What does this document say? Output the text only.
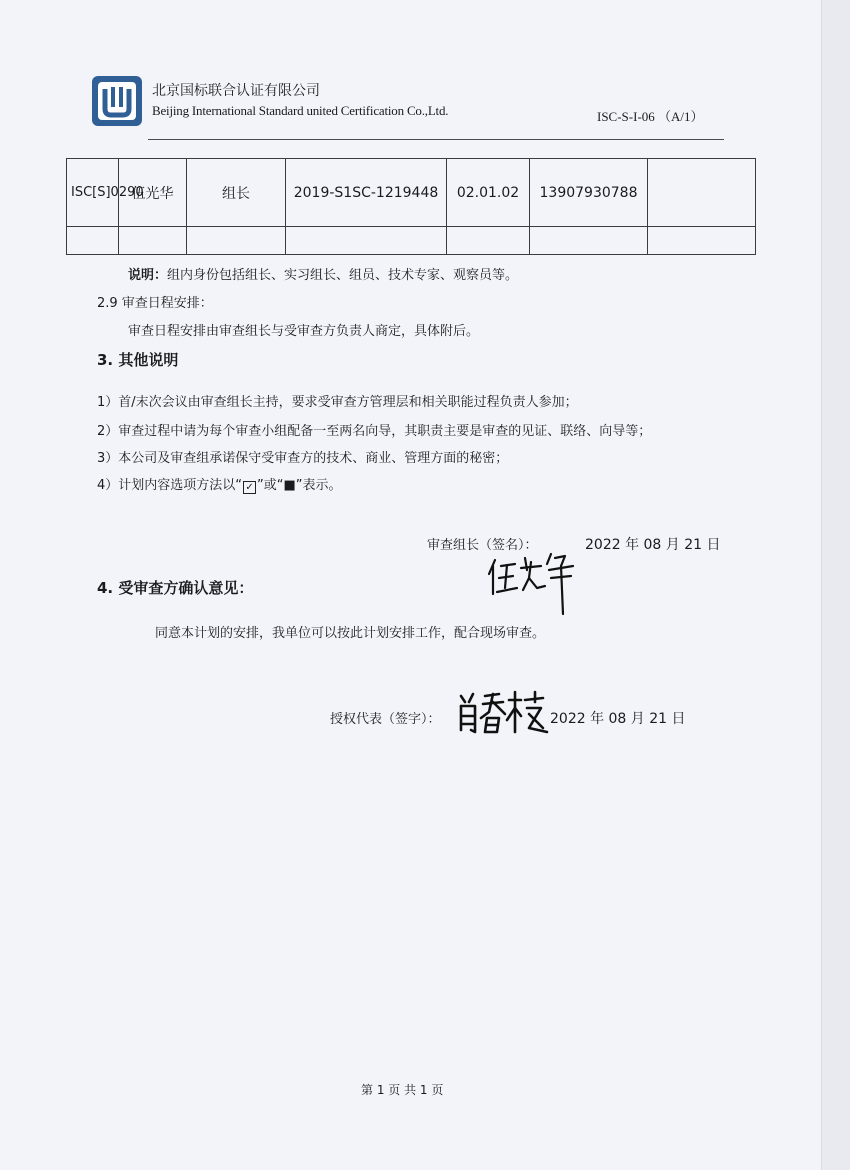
北京国标联合认证有限公司
Beijing International Standard united Certification Co.,Ltd.	ISC-S-I-06 （A/1）
ISC[S]0290	伍光华	组长	2019-S1SC-1219448	02.01.02	13907930788	

说明：组内身份包括组长、实习组长、组员、技术专家、观察员等。
2.9 审查日程安排：
审查日程安排由审查组长与受审查方负责人商定，具体附后。
3. 其他说明
1）首/末次会议由审查组长主持，要求受审查方管理层和相关职能过程负责人参加；
2）审查过程中请为每个审查小组配备一至两名向导，其职责主要是审查的见证、联络、向导等；
3）本公司及审查组承诺保守受审查方的技术、商业、管理方面的秘密；
4）计划内容选项方法以“ ✓ ”或“■”表示。
审查组长（签名）：	2022 年 08 月 21 日
4. 受审查方确认意见：
同意本计划的安排，我单位可以按此计划安排工作，配合现场审查。
授权代表（签字）：	2022 年 08 月 21 日
第 1 页 共 1 页
